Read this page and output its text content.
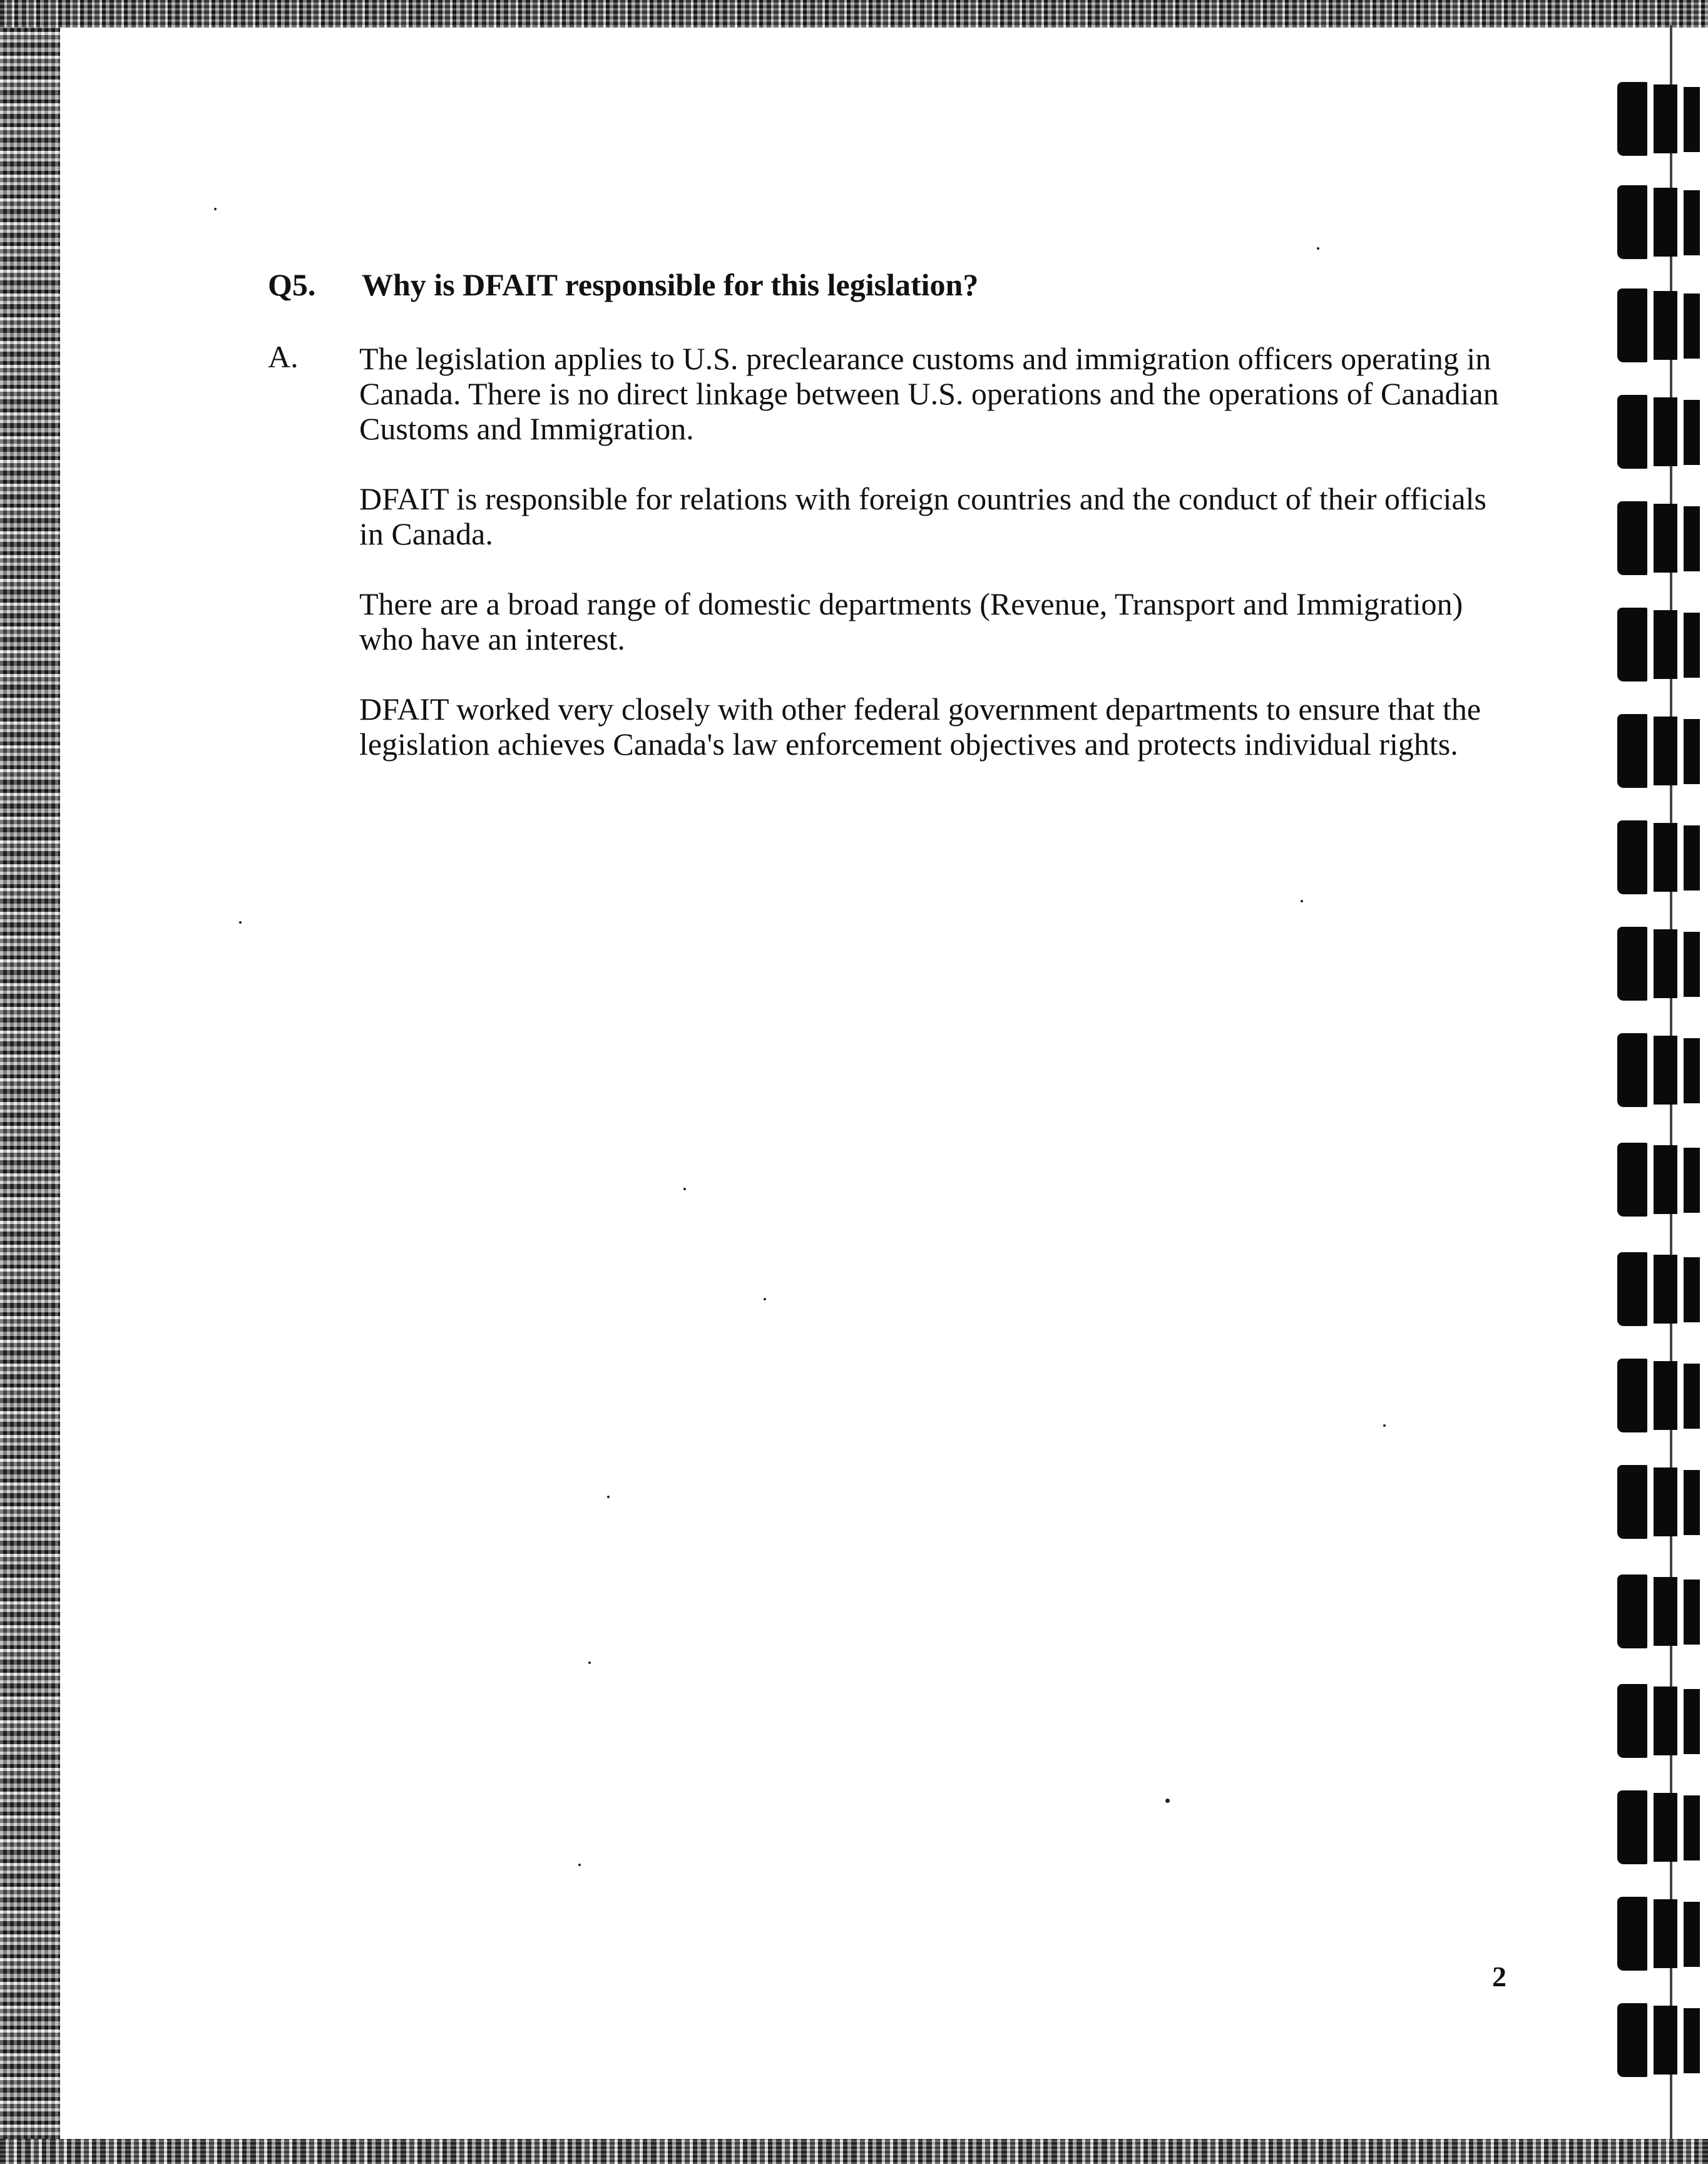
Q5. Why is DFAIT responsible for this legislation?
A. The legislation applies to U.S. preclearance customs and immigration officers operating in Canada. There is no direct linkage between U.S. operations and the operations of Canadian Customs and Immigration.

DFAIT is responsible for relations with foreign countries and the conduct of their officials in Canada.

There are a broad range of domestic departments (Revenue, Transport and Immigration) who have an interest.

DFAIT worked very closely with other federal government departments to ensure that the legislation achieves Canada's law enforcement objectives and protects individual rights.

2
